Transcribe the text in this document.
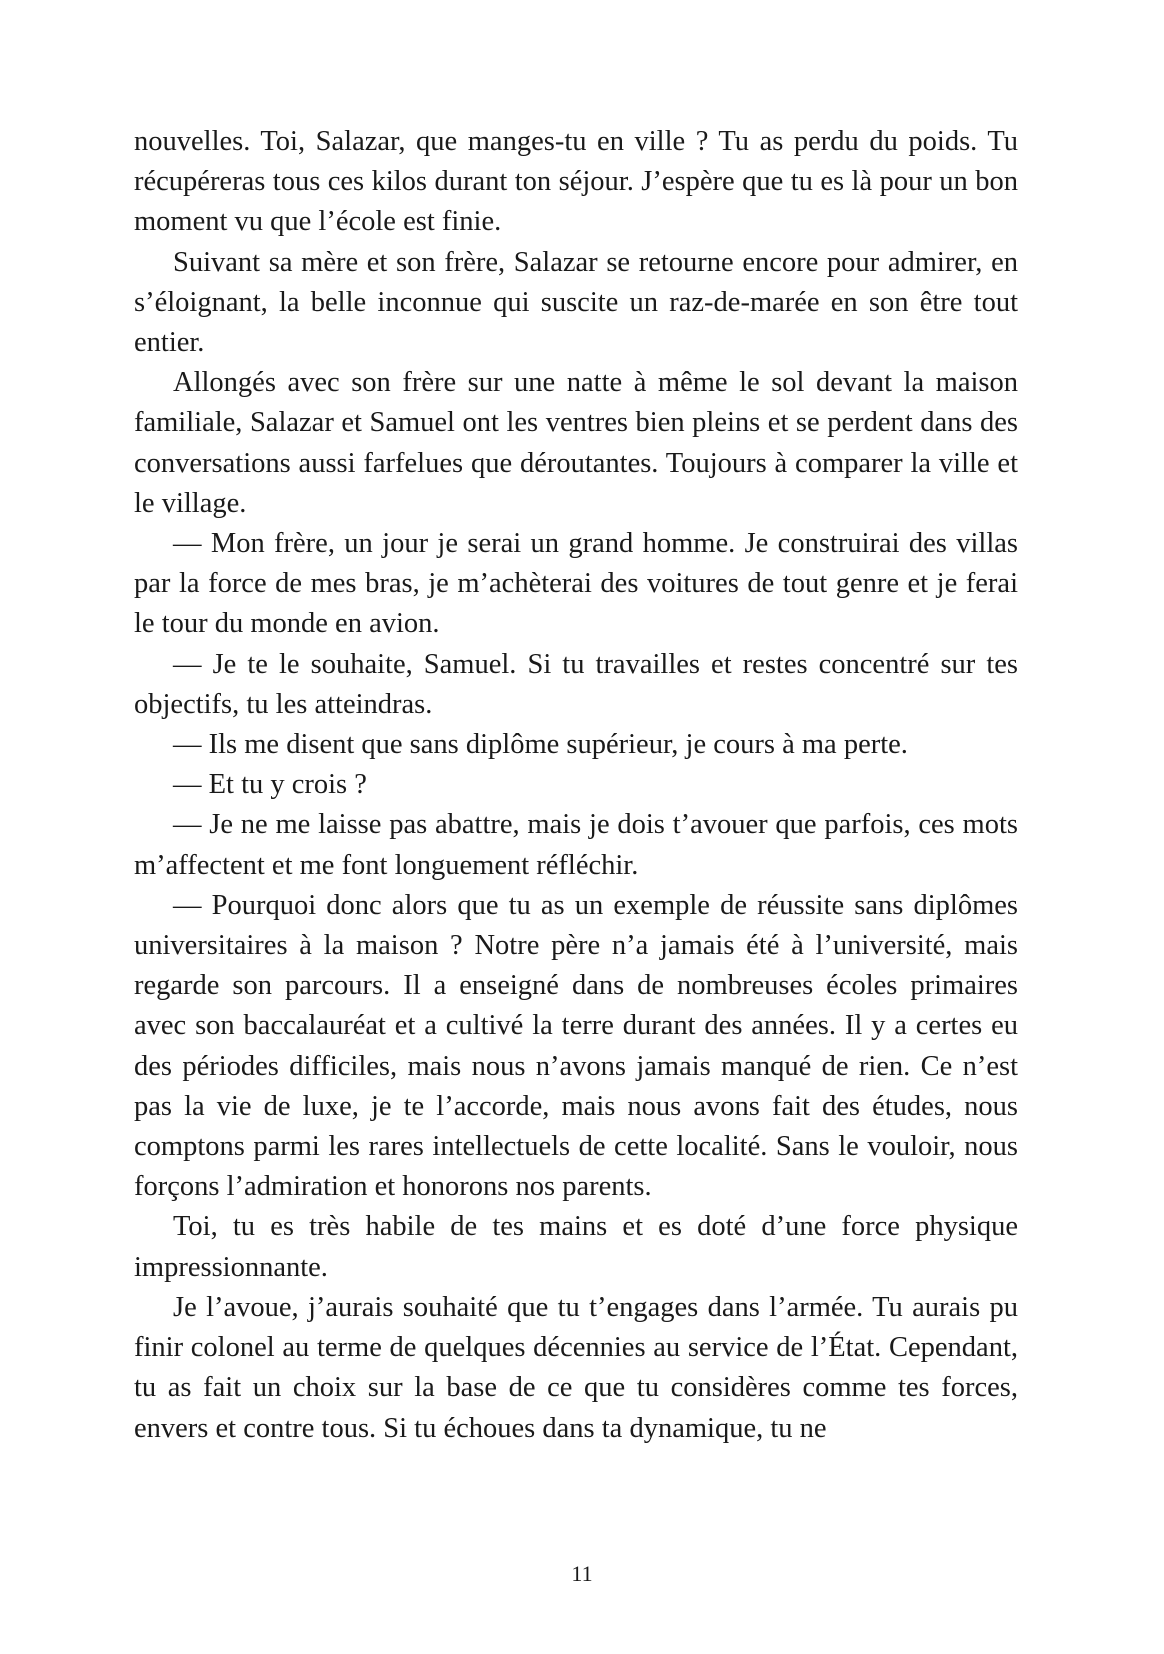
nouvelles. Toi, Salazar, que manges-tu en ville ? Tu as perdu du poids. Tu récupéreras tous ces kilos durant ton séjour. J’espère que tu es là pour un bon moment vu que l’école est finie.

Suivant sa mère et son frère, Salazar se retourne encore pour admirer, en s’éloignant, la belle inconnue qui suscite un raz-de-marée en son être tout entier.

Allongés avec son frère sur une natte à même le sol devant la maison familiale, Salazar et Samuel ont les ventres bien pleins et se perdent dans des conversations aussi farfelues que déroutantes. Toujours à comparer la ville et le village.

— Mon frère, un jour je serai un grand homme. Je construirai des villas par la force de mes bras, je m’achèterai des voitures de tout genre et je ferai le tour du monde en avion.

— Je te le souhaite, Samuel. Si tu travailles et restes concentré sur tes objectifs, tu les atteindras.

— Ils me disent que sans diplôme supérieur, je cours à ma perte.

— Et tu y crois ?

— Je ne me laisse pas abattre, mais je dois t’avouer que parfois, ces mots m’affectent et me font longuement réfléchir.

— Pourquoi donc alors que tu as un exemple de réussite sans diplômes universitaires à la maison ? Notre père n’a jamais été à l’université, mais regarde son parcours. Il a enseigné dans de nombreuses écoles primaires avec son baccalauréat et a cultivé la terre durant des années. Il y a certes eu des périodes difficiles, mais nous n’avons jamais manqué de rien. Ce n’est pas la vie de luxe, je te l’accorde, mais nous avons fait des études, nous comptons parmi les rares intellectuels de cette localité. Sans le vouloir, nous forçons l’admiration et honorons nos parents.

Toi, tu es très habile de tes mains et es doté d’une force physique impressionnante.

Je l’avoue, j’aurais souhaité que tu t’engages dans l’armée. Tu aurais pu finir colonel au terme de quelques décennies au service de l’État. Cependant, tu as fait un choix sur la base de ce que tu considères comme tes forces, envers et contre tous. Si tu échoues dans ta dynamique, tu ne

11
